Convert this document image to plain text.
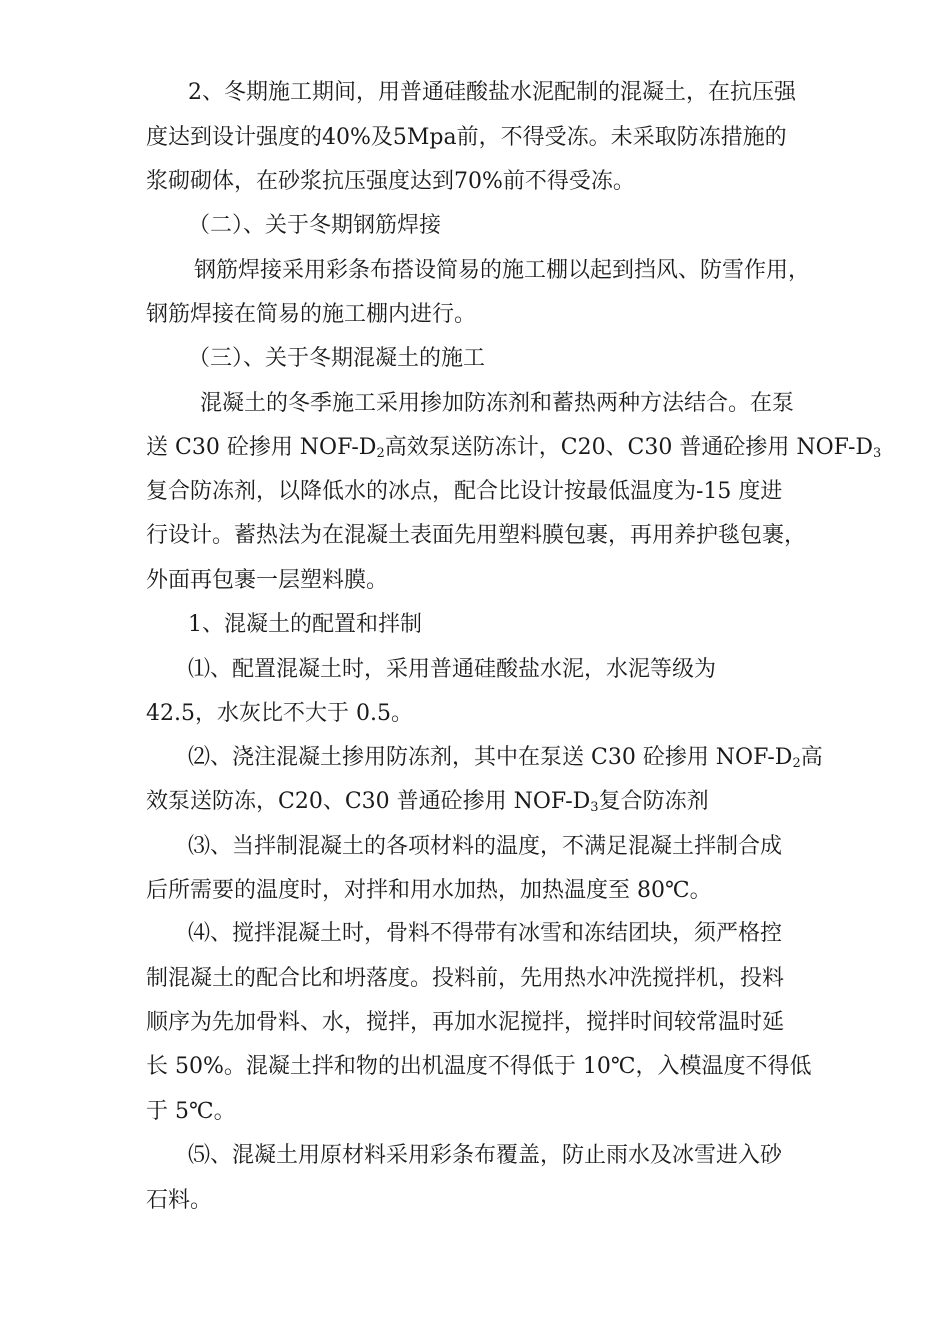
2、冬期施工期间，用普通硅酸盐水泥配制的混凝土，在抗压强
度达到设计强度的40%及5Mpa前，不得受冻。未采取防冻措施的
浆砌砌体，在砂浆抗压强度达到70%前不得受冻。
（二）、关于冬期钢筋焊接
钢筋焊接采用彩条布搭设简易的施工棚以起到挡风、防雪作用，
钢筋焊接在简易的施工棚内进行。
（三）、关于冬期混凝土的施工
混凝土的冬季施工采用掺加防冻剂和蓄热两种方法结合。在泵
送 C30 砼掺用 NOF-$D_2$高效泵送防冻计，C20、C30 普通砼掺用 NOF-$D_3$
复合防冻剂，以降低水的冰点，配合比设计按最低温度为-15 度进
行设计。蓄热法为在混凝土表面先用塑料膜包裹，再用养护毯包裹，
外面再包裹一层塑料膜。
1、混凝土的配置和拌制
⑴、配置混凝土时，采用普通硅酸盐水泥，水泥等级为
42.5，水灰比不大于 0.5。
⑵、浇注混凝土掺用防冻剂，其中在泵送 C30 砼掺用 NOF-$D_2$高
效泵送防冻，C20、C30 普通砼掺用 NOF-$D_3$复合防冻剂
⑶、当拌制混凝土的各项材料的温度，不满足混凝土拌制合成
后所需要的温度时，对拌和用水加热，加热温度至 80℃。
⑷、搅拌混凝土时，骨料不得带有冰雪和冻结团块，须严格控
制混凝土的配合比和坍落度。投料前，先用热水冲洗搅拌机，投料
顺序为先加骨料、水，搅拌，再加水泥搅拌，搅拌时间较常温时延
长 50%。混凝土拌和物的出机温度不得低于 10℃，入模温度不得低
于 5℃。
⑸、混凝土用原材料采用彩条布覆盖，防止雨水及冰雪进入砂
石料。
